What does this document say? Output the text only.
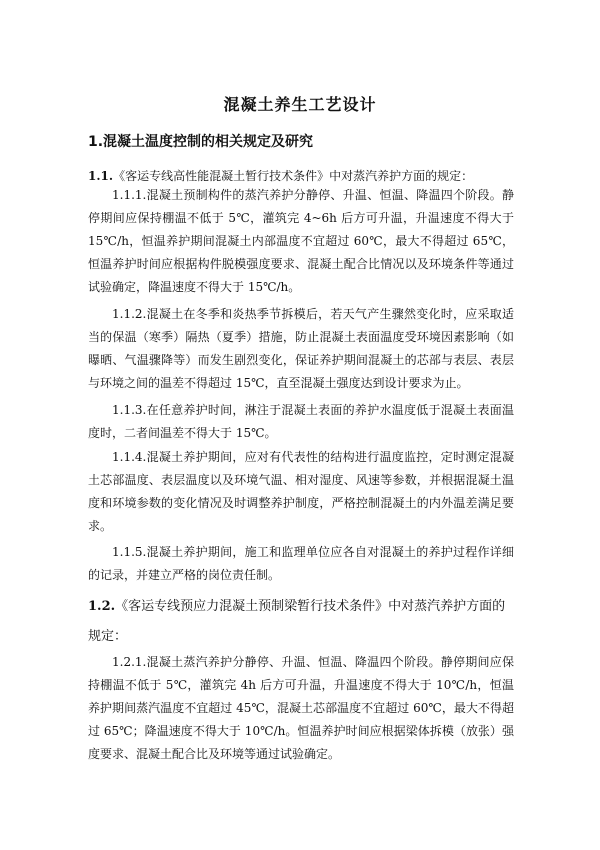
混凝土养生工艺设计
1.混凝土温度控制的相关规定及研究

1.1.《客运专线高性能混凝土暂行技术条件》中对蒸汽养护方面的规定：

1.1.1.混凝土预制构件的蒸汽养护分静停、升温、恒温、降温四个阶段。静停期间应保持棚温不低于 5℃，灌筑完 4~6h 后方可升温，升温速度不得大于 15℃/h，恒温养护期间混凝土内部温度不宜超过 60℃，最大不得超过 65℃，恒温养护时间应根据构件脱模强度要求、混凝土配合比情况以及环境条件等通过试验确定，降温速度不得大于 15℃/h。

1.1.2.混凝土在冬季和炎热季节拆模后，若天气产生骤然变化时，应采取适当的保温（寒季）隔热（夏季）措施，防止混凝土表面温度受环境因素影响（如曝晒、气温骤降等）而发生剧烈变化，保证养护期间混凝土的芯部与表层、表层与环境之间的温差不得超过 15℃，直至混凝土强度达到设计要求为止。

1.1.3.在任意养护时间，淋注于混凝土表面的养护水温度低于混凝土表面温度时，二者间温差不得大于 15℃。

1.1.4.混凝土养护期间，应对有代表性的结构进行温度监控，定时测定混凝土芯部温度、表层温度以及环境气温、相对湿度、风速等参数，并根据混凝土温度和环境参数的变化情况及时调整养护制度，严格控制混凝土的内外温差满足要求。

1.1.5.混凝土养护期间，施工和监理单位应各自对混凝土的养护过程作详细的记录，并建立严格的岗位责任制。

1.2.《客运专线预应力混凝土预制梁暂行技术条件》中对蒸汽养护方面的规定：

1.2.1.混凝土蒸汽养护分静停、升温、恒温、降温四个阶段。静停期间应保持棚温不低于 5℃，灌筑完 4h 后方可升温，升温速度不得大于 10℃/h，恒温养护期间蒸汽温度不宜超过 45℃，混凝土芯部温度不宜超过 60℃，最大不得超过 65℃；降温速度不得大于 10℃/h。恒温养护时间应根据梁体拆模（放张）强度要求、混凝土配合比及环境等通过试验确定。
